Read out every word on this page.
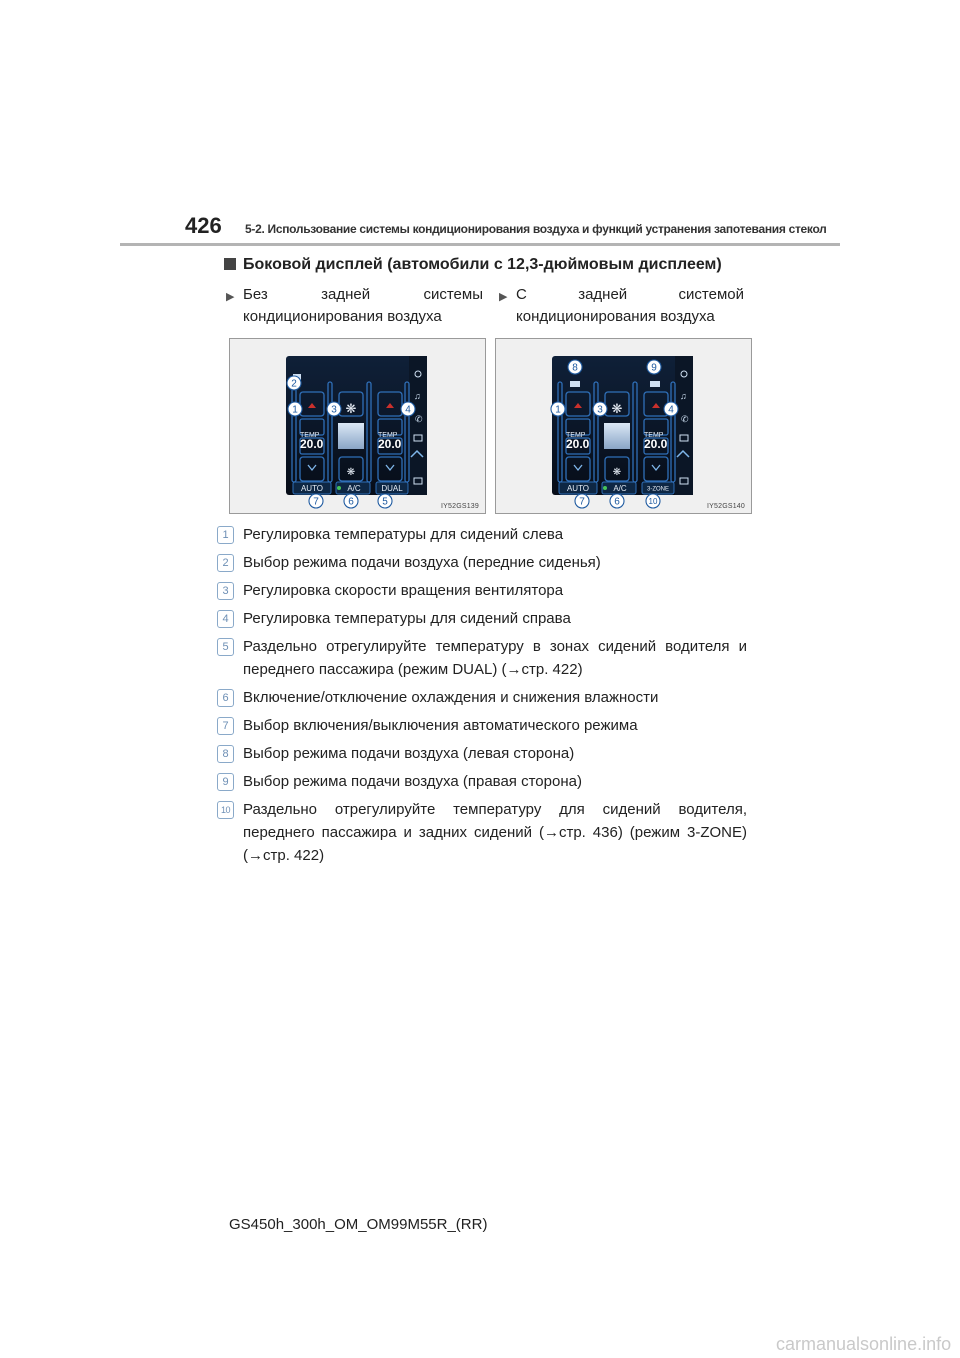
426 5-2. Использование системы кондиционирования воздуха и функций устранения запотевания стекол
Боковой дисплей (автомобили с 12,3-дюймовым дисплеем)
▶ Без	задней	системы
кондиционирования воздуха
▶ С	задней	системой
кондиционирования воздуха
♫
✆
❋
❋
TEMP
20.0
TEMP
20.0
AUTO	A/C	DUAL
2
1	3	4
7	6	5	IY52GS139
♫
✆
❋
❋
TEMP
20.0
TEMP
20.0
AUTO	A/C	3-ZONE
8	9
1	3	4
7	6	10
IY52GS140
1 Регулировка температуры для сидений слева
2 Выбор режима подачи воздуха (передние сиденья)
3 Регулировка скорости вращения вентилятора
4 Регулировка температуры для сидений справа
5 Раздельно отрегулируйте температуру в зонах сидений водителя и переднего пассажира (режим DUAL) (→стр. 422)
6 Включение/отключение охлаждения и снижения влажности
7 Выбор включения/выключения автоматического режима
8 Выбор режима подачи воздуха (левая сторона)
9 Выбор режима подачи воздуха (правая сторона)
10 Раздельно отрегулируйте температуру для сидений водителя, переднего пассажира и задних сидений (→стр. 436) (режим 3-ZONE) (→стр. 422)
GS450h_300h_OM_OM99M55R_(RR)
carmanualsonline.info
